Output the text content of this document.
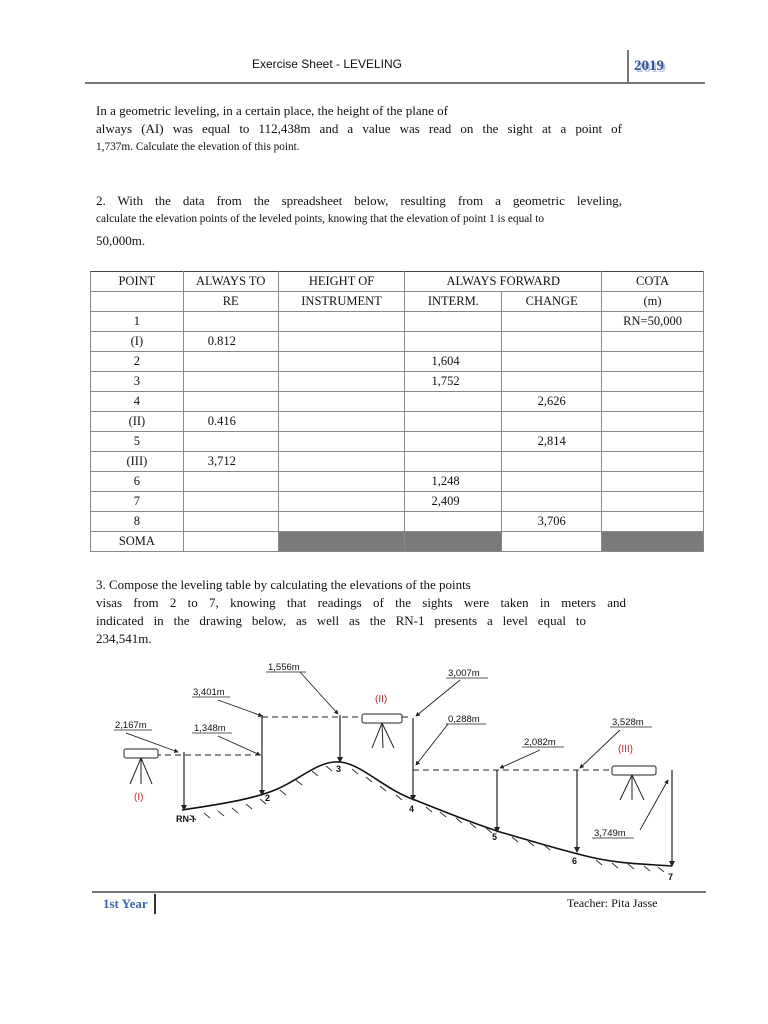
Exercise Sheet - LEVELING	2019
In a geometric leveling, in a certain place, the height of the plane of
always (AI) was equal to 112,438m and a value was read on the sight at a point of
1,737m. Calculate the elevation of this point.
2. With the data from the spreadsheet below, resulting from a geometric leveling,
calculate the elevation points of the leveled points, knowing that the elevation of point 1 is equal to
50,000m.
POINT	ALWAYS TO	HEIGHT OF	ALWAYS FORWARD		COTA
	RE	INSTRUMENT	INTERM.	CHANGE	(m)
1					RN=50,000
(I)	0.812				
2			1,604		
3			1,752		
4				2,626	
(II)	0.416				
5				2,814	
(III)	3,712				
6			1,248		
7			2,409		
8				3,706	
SOMA					
3. Compose the leveling table by calculating the elevations of the points
visas from 2 to 7, knowing that readings of the sights were taken in meters and
indicated in the drawing below, as well as the RN-1 presents a level equal to
234,541m.
1,556m
3,401m
2,167m	1,348m
3,007m
0,288m
2,082m
3,528m
3,749m
(I)
(II)
(III)
RN-I
2
3
4
5
6
7
1st Year	Teacher: Pita Jasse
